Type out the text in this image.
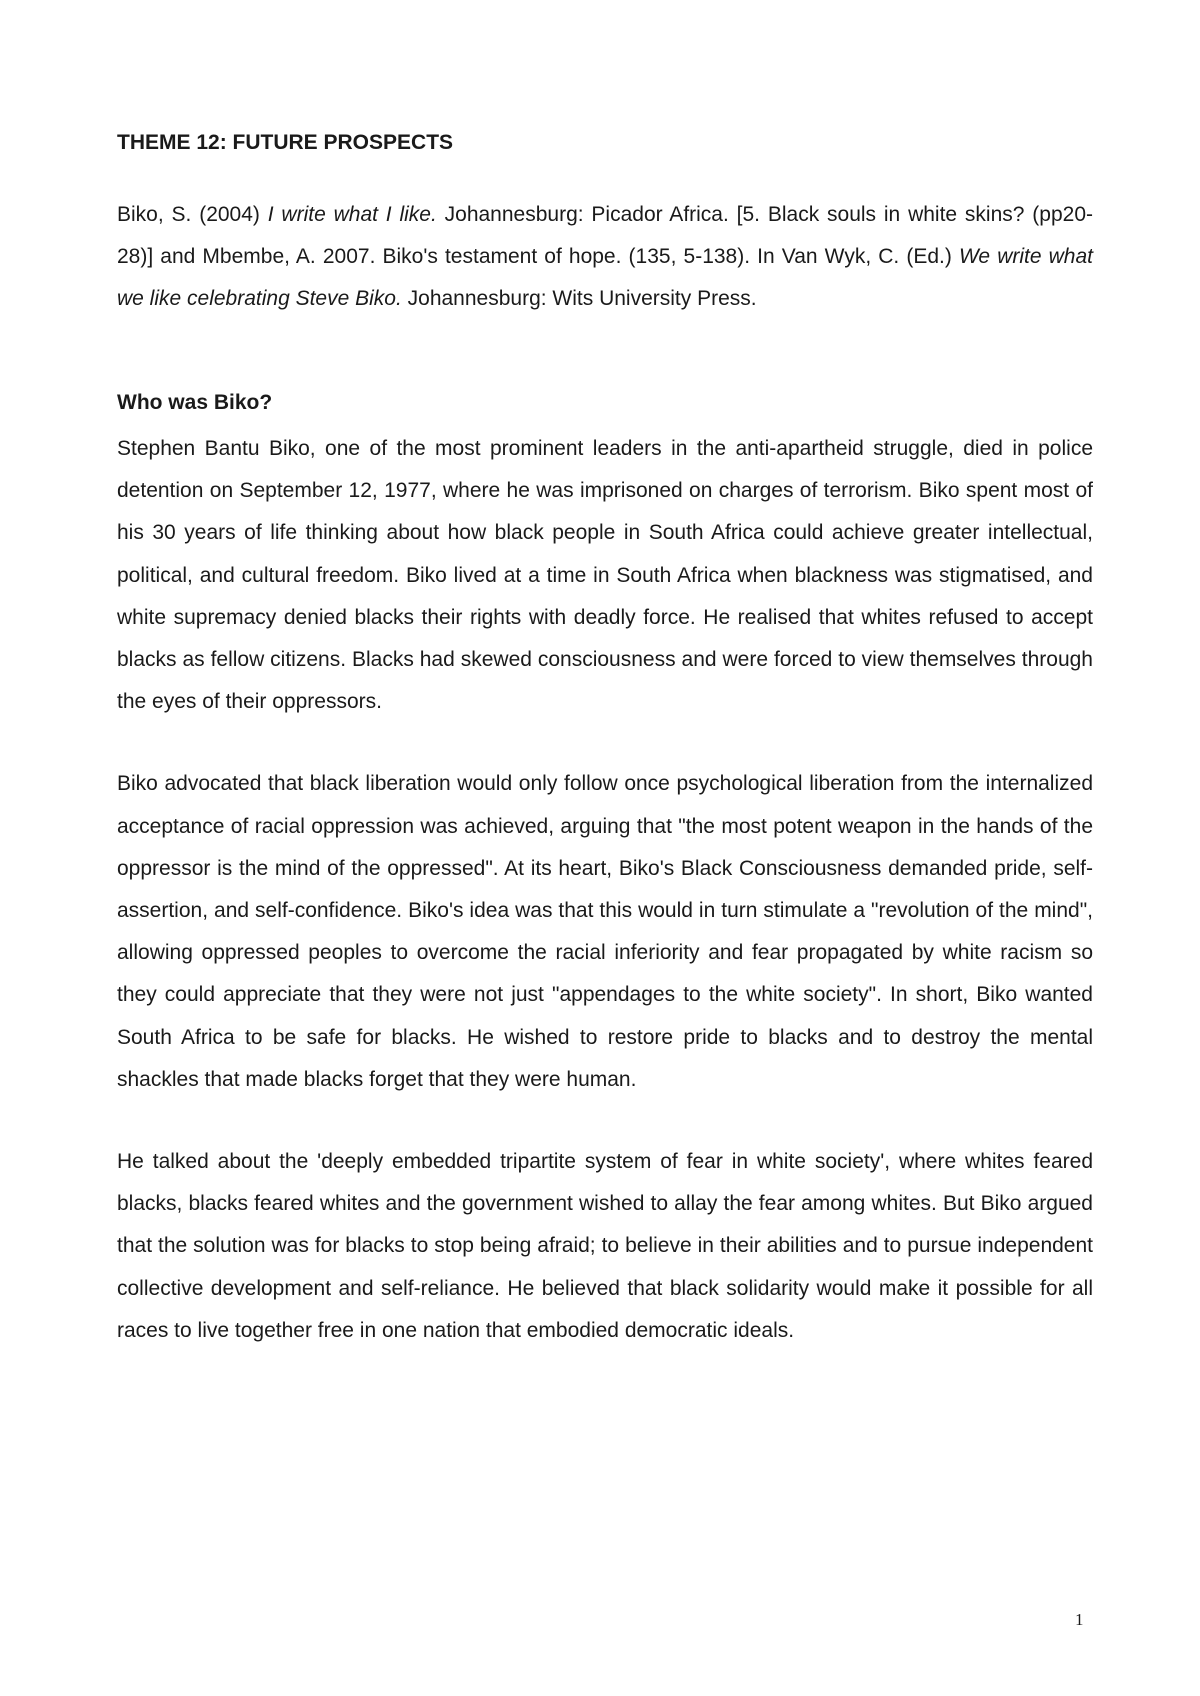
THEME 12: FUTURE PROSPECTS

Biko, S. (2004) I write what I like. Johannesburg: Picador Africa. [5. Black souls in white skins? (pp20-28)] and Mbembe, A. 2007. Biko's testament of hope. (135, 5-138). In Van Wyk, C. (Ed.) We write what we like celebrating Steve Biko. Johannesburg: Wits University Press.

Who was Biko?

Stephen Bantu Biko, one of the most prominent leaders in the anti-apartheid struggle, died in police detention on September 12, 1977, where he was imprisoned on charges of terrorism. Biko spent most of his 30 years of life thinking about how black people in South Africa could achieve greater intellectual, political, and cultural freedom. Biko lived at a time in South Africa when blackness was stigmatised, and white supremacy denied blacks their rights with deadly force. He realised that whites refused to accept blacks as fellow citizens. Blacks had skewed consciousness and were forced to view themselves through the eyes of their oppressors.

Biko advocated that black liberation would only follow once psychological liberation from the internalized acceptance of racial oppression was achieved, arguing that "the most potent weapon in the hands of the oppressor is the mind of the oppressed". At its heart, Biko's Black Consciousness demanded pride, self-assertion, and self-confidence. Biko's idea was that this would in turn stimulate a "revolution of the mind", allowing oppressed peoples to overcome the racial inferiority and fear propagated by white racism so they could appreciate that they were not just "appendages to the white society". In short, Biko wanted South Africa to be safe for blacks. He wished to restore pride to blacks and to destroy the mental shackles that made blacks forget that they were human.

He talked about the 'deeply embedded tripartite system of fear in white society', where whites feared blacks, blacks feared whites and the government wished to allay the fear among whites. But Biko argued that the solution was for blacks to stop being afraid; to believe in their abilities and to pursue independent collective development and self-reliance. He believed that black solidarity would make it possible for all races to live together free in one nation that embodied democratic ideals.

1
